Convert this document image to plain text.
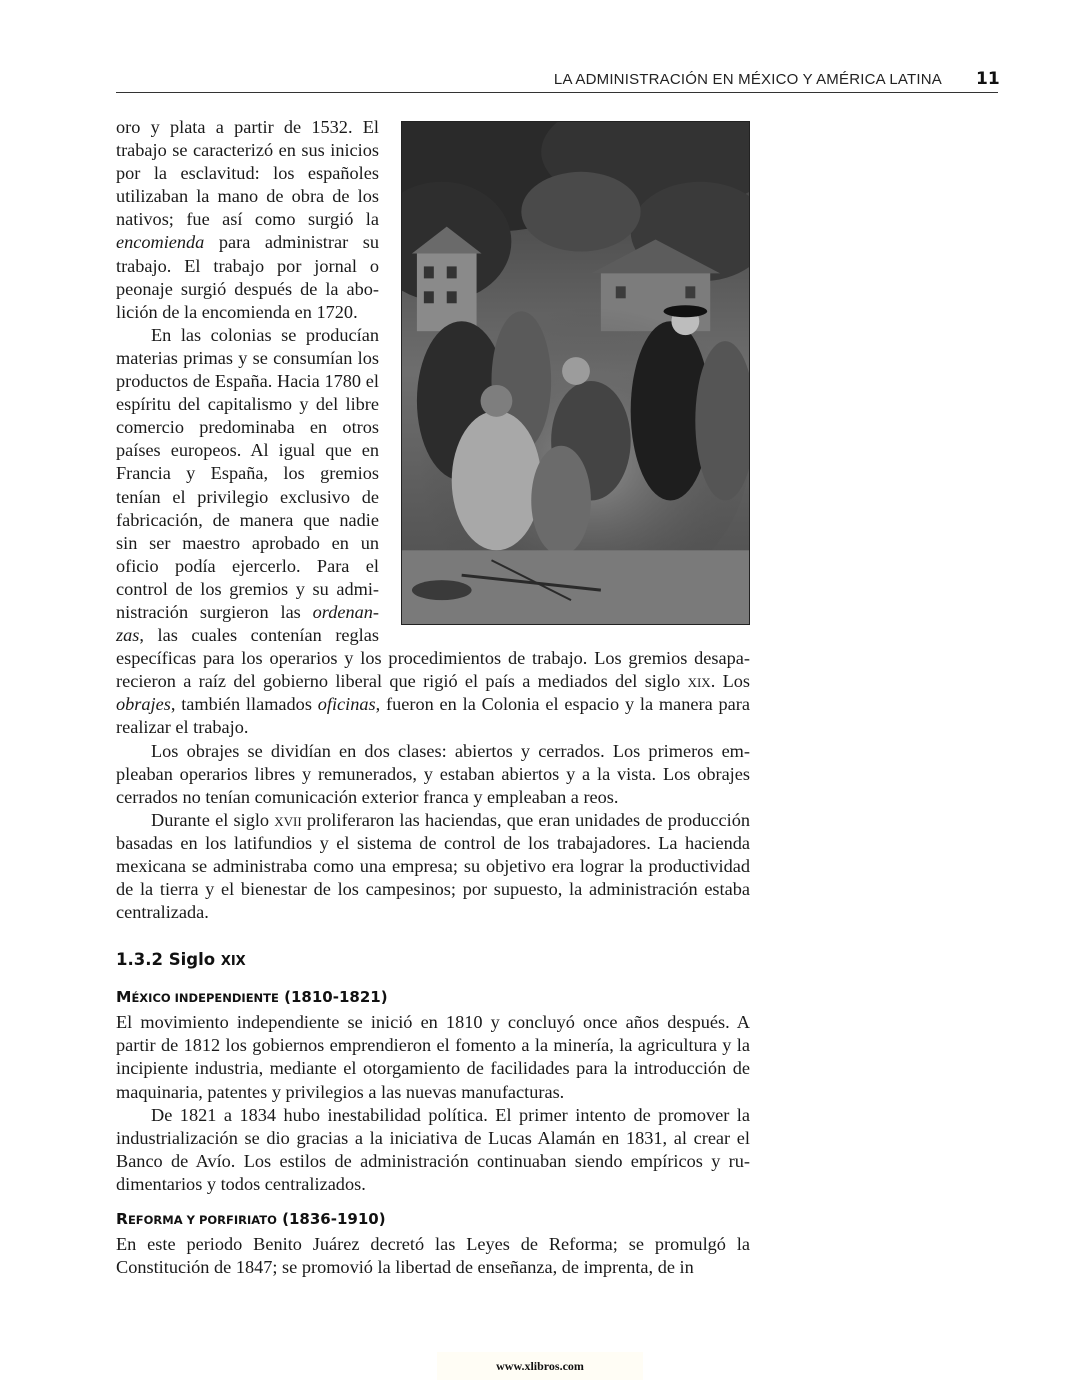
LA ADMINISTRACIÓN EN MÉXICO Y AMÉRICA LATINA 11

oro y plata a partir de 1532. El trabajo se caracterizó en sus inicios por la esclavitud: los españoles utilizaban la mano de obra de los nativos; fue así como surgió la encomienda para administrar su trabajo. El trabajo por jornal o peonaje surgió después de la abolición de la encomienda en 1720.

En las colonias se producían materias primas y se consumían los productos de España. Hacia 1780 el espíritu del capitalismo y del libre comercio predominaba en otros países europeos. Al igual que en Francia y España, los gremios tenían el privilegio exclusivo de fabricación, de manera que nadie sin ser maestro aprobado en un oficio podía ejercerlo. Para el control de los gremios y su administración surgieron las ordenanzas, las cuales contenían reglas específicas para los operarios y los procedimientos de trabajo. Los gremios desaparecieron a raíz del gobierno liberal que rigió el país a mediados del siglo xix. Los obrajes, también llamados oficinas, fueron en la Colonia el espacio y la manera para realizar el trabajo.

Los obrajes se dividían en dos clases: abiertos y cerrados. Los primeros empleaban operarios libres y remunerados, y estaban abiertos y a la vista. Los obrajes cerrados no tenían comunicación exterior franca y empleaban a reos.

Durante el siglo xvii proliferaron las haciendas, que eran unidades de producción basadas en los latifundios y el sistema de control de los trabajadores. La hacienda mexicana se administraba como una empresa; su objetivo era lograr la productividad de la tierra y el bienestar de los campesinos; por supuesto, la administración estaba centralizada.

1.3.2 Siglo XIX
MÉXICO INDEPENDIENTE (1810-1821)

El movimiento independiente se inició en 1810 y concluyó once años después. A partir de 1812 los gobiernos emprendieron el fomento a la minería, la agricultura y la incipiente industria, mediante el otorgamiento de facilidades para la introducción de maquinaria, patentes y privilegios a las nuevas manufacturas.

De 1821 a 1834 hubo inestabilidad política. El primer intento de promover la industrialización se dio gracias a la iniciativa de Lucas Alamán en 1831, al crear el Banco de Avío. Los estilos de administración continuaban siendo empíricos y rudimentarios y todos centralizados.

REFORMA Y PORFIRIATO (1836-1910)

En este periodo Benito Juárez decretó las Leyes de Reforma; se promulgó la Constitución de 1847; se promovió la libertad de enseñanza, de imprenta, de in

www.xlibros.com
